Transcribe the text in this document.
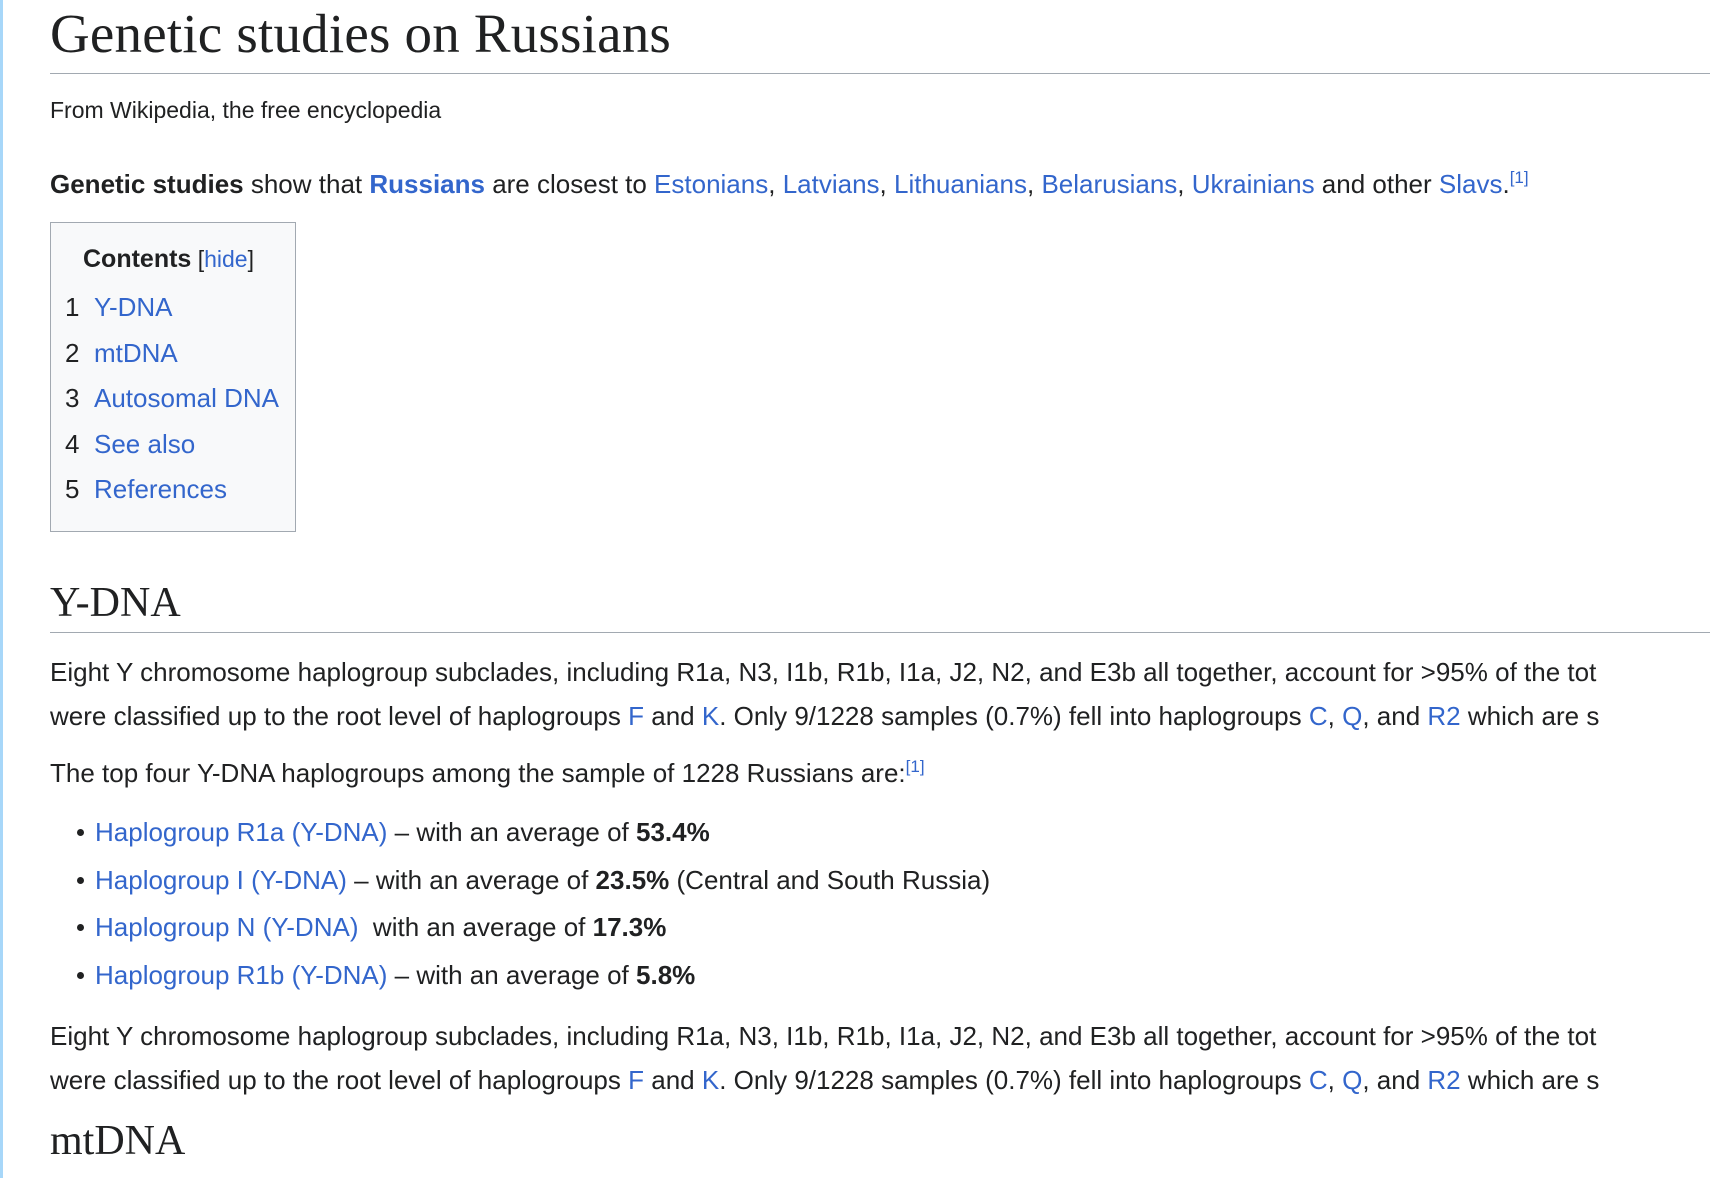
Genetic studies on Russians
From Wikipedia, the free encyclopedia
Genetic studies show that Russians are closest to Estonians, Latvians, Lithuanians, Belarusians, Ukrainians and other Slavs.[1]
Contents [hide]
1 Y-DNA
2 mtDNA
3 Autosomal DNA
4 See also
5 References
Y-DNA
Eight Y chromosome haplogroup subclades, including R1a, N3, I1b, R1b, I1a, J2, N2, and E3b all together, account for >95% of the tot
were classified up to the root level of haplogroups F and K. Only 9/1228 samples (0.7%) fell into haplogroups C, Q, and R2 which are s
The top four Y-DNA haplogroups among the sample of 1228 Russians are:[1]
Haplogroup R1a (Y-DNA) – with an average of 53.4%
Haplogroup I (Y-DNA) – with an average of 23.5% (Central and South Russia)
Haplogroup N (Y-DNA)  with an average of 17.3%
Haplogroup R1b (Y-DNA) – with an average of 5.8%
Eight Y chromosome haplogroup subclades, including R1a, N3, I1b, R1b, I1a, J2, N2, and E3b all together, account for >95% of the tot
were classified up to the root level of haplogroups F and K. Only 9/1228 samples (0.7%) fell into haplogroups C, Q, and R2 which are s
mtDNA
